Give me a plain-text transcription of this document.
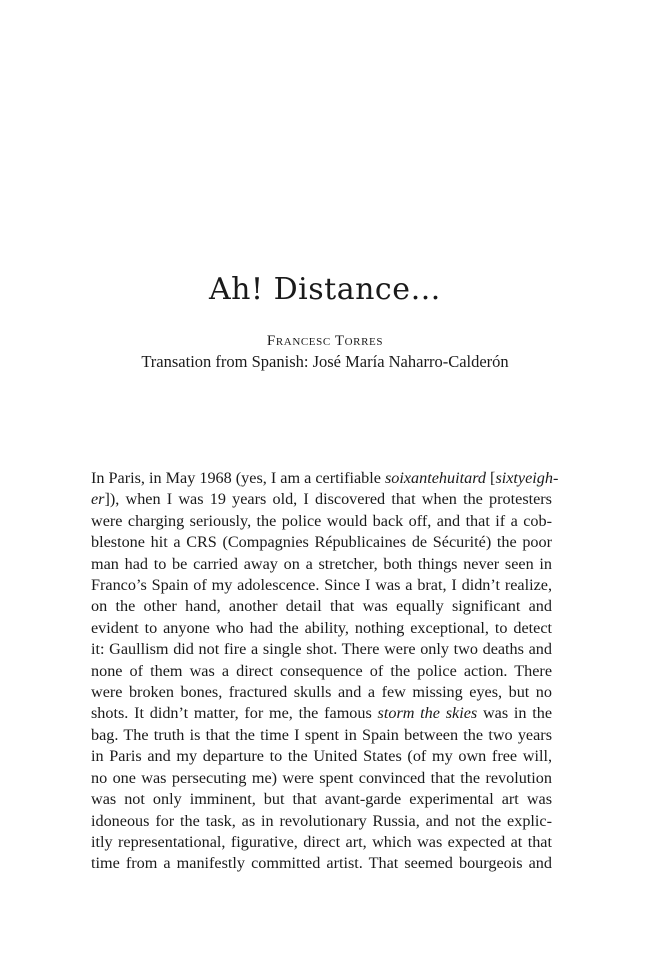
Ah! Distance…

Francesc Torres

Transation from Spanish: José María Naharro-Calderón

In Paris, in May 1968 (yes, I am a certifiable soixantehuitard [sixtyeigh-
er]), when I was 19 years old, I discovered that when the protesters
were charging seriously, the police would back off, and that if a cob-
blestone hit a CRS (Compagnies Républicaines de Sécurité) the poor
man had to be carried away on a stretcher, both things never seen in
Franco’s Spain of my adolescence. Since I was a brat, I didn’t realize,
on the other hand, another detail that was equally significant and
evident to anyone who had the ability, nothing exceptional, to detect
it: Gaullism did not fire a single shot. There were only two deaths and
none of them was a direct consequence of the police action. There
were broken bones, fractured skulls and a few missing eyes, but no
shots. It didn’t matter, for me, the famous storm the skies was in the
bag. The truth is that the time I spent in Spain between the two years
in Paris and my departure to the United States (of my own free will,
no one was persecuting me) were spent convinced that the revolution
was not only imminent, but that avant-garde experimental art was
idoneous for the task, as in revolutionary Russia, and not the explic-
itly representational, figurative, direct art, which was expected at that
time from a manifestly committed artist. That seemed bourgeois and
